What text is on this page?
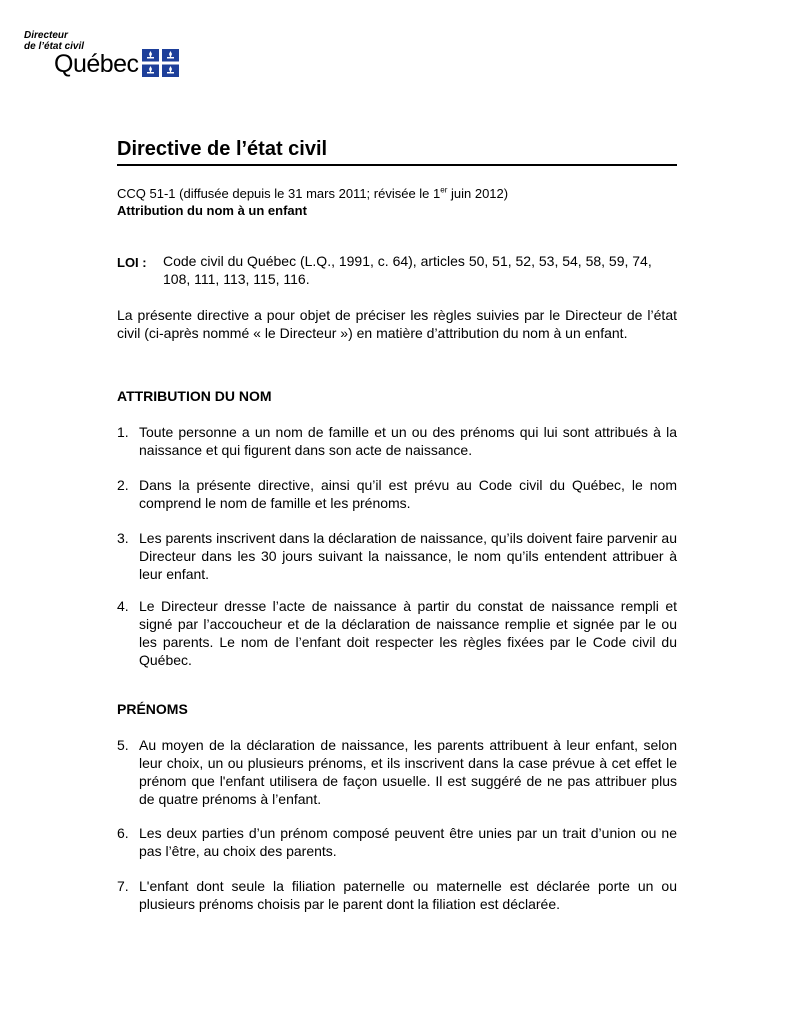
Directeur
de l’état civil
Québec
Directive de l’état civil
CCQ 51-1 (diffusée depuis le 31 mars 2011; révisée le 1er juin 2012)
Attribution du nom à un enfant
LOI : Code civil du Québec (L.Q., 1991, c. 64), articles 50, 51, 52, 53, 54, 58, 59, 74, 108, 111, 113, 115, 116.
La présente directive a pour objet de préciser les règles suivies par le Directeur de l’état civil (ci-après nommé « le Directeur ») en matière d’attribution du nom à un enfant.
ATTRIBUTION DU NOM
1. Toute personne a un nom de famille et un ou des prénoms qui lui sont attribués à la naissance et qui figurent dans son acte de naissance.
2. Dans la présente directive, ainsi qu’il est prévu au Code civil du Québec, le nom comprend le nom de famille et les prénoms.
3. Les parents inscrivent dans la déclaration de naissance, qu’ils doivent faire parvenir au Directeur dans les 30 jours suivant la naissance, le nom qu’ils entendent attribuer à leur enfant.
4. Le Directeur dresse l’acte de naissance à partir du constat de naissance rempli et signé par l’accoucheur et de la déclaration de naissance remplie et signée par le ou les parents. Le nom de l’enfant doit respecter les règles fixées par le Code civil du Québec.
PRÉNOMS
5. Au moyen de la déclaration de naissance, les parents attribuent à leur enfant, selon leur choix, un ou plusieurs prénoms, et ils inscrivent dans la case prévue à cet effet le prénom que l'enfant utilisera de façon usuelle. Il est suggéré de ne pas attribuer plus de quatre prénoms à l’enfant.
6. Les deux parties d’un prénom composé peuvent être unies par un trait d’union ou ne pas l’être, au choix des parents.
7. L'enfant dont seule la filiation paternelle ou maternelle est déclarée porte un ou plusieurs prénoms choisis par le parent dont la filiation est déclarée.
